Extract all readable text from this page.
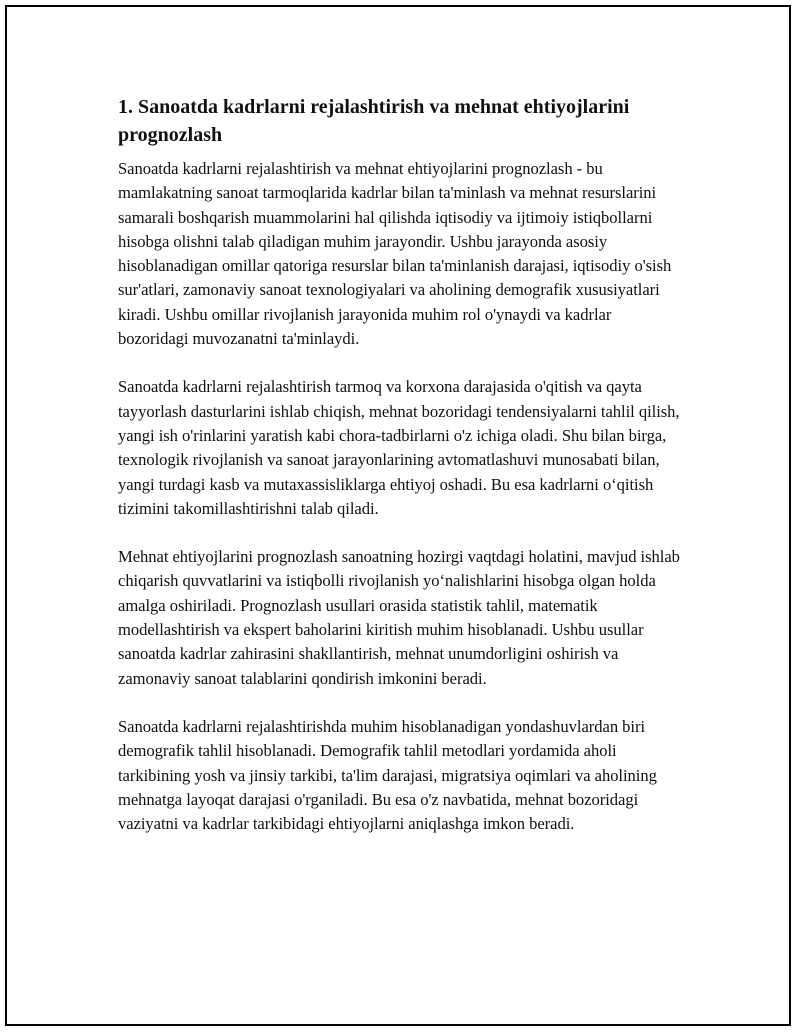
1. Sanoatda kadrlarni rejalashtirish va mehnat ehtiyojlarini prognozlash

Sanoatda kadrlarni rejalashtirish va mehnat ehtiyojlarini prognozlash - bu mamlakatning sanoat tarmoqlarida kadrlar bilan ta'minlash va mehnat resurslarini samarali boshqarish muammolarini hal qilishda iqtisodiy va ijtimoiy istiqbollarni hisobga olishni talab qiladigan muhim jarayondir. Ushbu jarayonda asosiy hisoblanadigan omillar qatoriga resurslar bilan ta'minlanish darajasi, iqtisodiy o'sish sur'atlari, zamonaviy sanoat texnologiyalari va aholining demografik xususiyatlari kiradi. Ushbu omillar rivojlanish jarayonida muhim rol o'ynaydi va kadrlar bozoridagi muvozanatni ta'minlaydi.

Sanoatda kadrlarni rejalashtirish tarmoq va korxona darajasida o'qitish va qayta tayyorlash dasturlarini ishlab chiqish, mehnat bozoridagi tendensiyalarni tahlil qilish, yangi ish o'rinlarini yaratish kabi chora-tadbirlarni o'z ichiga oladi. Shu bilan birga, texnologik rivojlanish va sanoat jarayonlarining avtomatlashuvi munosabati bilan, yangi turdagi kasb va mutaxassisliklarga ehtiyoj oshadi. Bu esa kadrlarni o‘qitish tizimini takomillashtirishni talab qiladi.

Mehnat ehtiyojlarini prognozlash sanoatning hozirgi vaqtdagi holatini, mavjud ishlab chiqarish quvvatlarini va istiqbolli rivojlanish yo‘nalishlarini hisobga olgan holda amalga oshiriladi. Prognozlash usullari orasida statistik tahlil, matematik modellashtirish va ekspert baholarini kiritish muhim hisoblanadi. Ushbu usullar sanoatda kadrlar zahirasini shakllantirish, mehnat unumdorligini oshirish va zamonaviy sanoat talablarini qondirish imkonini beradi.

Sanoatda kadrlarni rejalashtirishda muhim hisoblanadigan yondashuvlardan biri demografik tahlil hisoblanadi. Demografik tahlil metodlari yordamida aholi tarkibining yosh va jinsiy tarkibi, ta'lim darajasi, migratsiya oqimlari va aholining mehnatga layoqat darajasi o'rganiladi. Bu esa o'z navbatida, mehnat bozoridagi vaziyatni va kadrlar tarkibidagi ehtiyojlarni aniqlashga imkon beradi.
